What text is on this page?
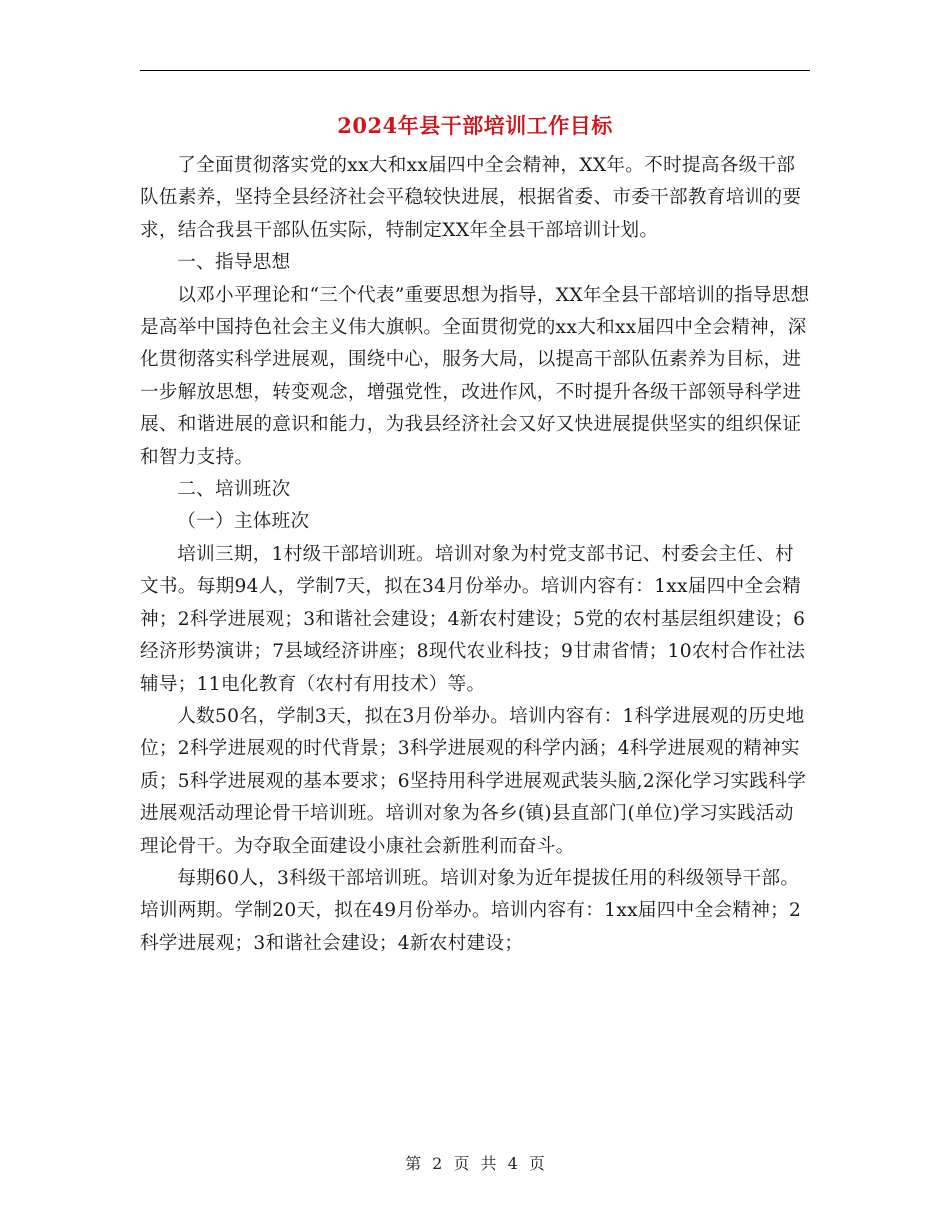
2024年县干部培训工作目标

了全面贯彻落实党的xx大和xx届四中全会精神，XX年。不时提高各级干部队伍素养，坚持全县经济社会平稳较快进展，根据省委、市委干部教育培训的要求，结合我县干部队伍实际，特制定XX年全县干部培训计划。

一、指导思想

以邓小平理论和“三个代表”重要思想为指导，XX年全县干部培训的指导思想是高举中国持色社会主义伟大旗帜。全面贯彻党的xx大和xx届四中全会精神，深化贯彻落实科学进展观，围绕中心，服务大局，以提高干部队伍素养为目标，进一步解放思想，转变观念，增强党性，改进作风，不时提升各级干部领导科学进展、和谐进展的意识和能力，为我县经济社会又好又快进展提供坚实的组织保证和智力支持。

二、培训班次

（一）主体班次

培训三期，1村级干部培训班。培训对象为村党支部书记、村委会主任、村文书。每期94人，学制7天，拟在34月份举办。培训内容有：1xx届四中全会精神；2科学进展观；3和谐社会建设；4新农村建设；5党的农村基层组织建设；6经济形势演讲；7县域经济讲座；8现代农业科技；9甘肃省情；10农村合作社法辅导；11电化教育（农村有用技术）等。

人数50名，学制3天，拟在3月份举办。培训内容有：1科学进展观的历史地位；2科学进展观的时代背景；3科学进展观的科学内涵；4科学进展观的精神实质；5科学进展观的基本要求；6坚持用科学进展观武装头脑,2深化学习实践科学进展观活动理论骨干培训班。培训对象为各乡(镇)县直部门(单位)学习实践活动理论骨干。为夺取全面建设小康社会新胜利而奋斗。

每期60人，3科级干部培训班。培训对象为近年提拔任用的科级领导干部。培训两期。学制20天，拟在49月份举办。培训内容有：1xx届四中全会精神；2科学进展观；3和谐社会建设；4新农村建设；

第 2 页 共 4 页
